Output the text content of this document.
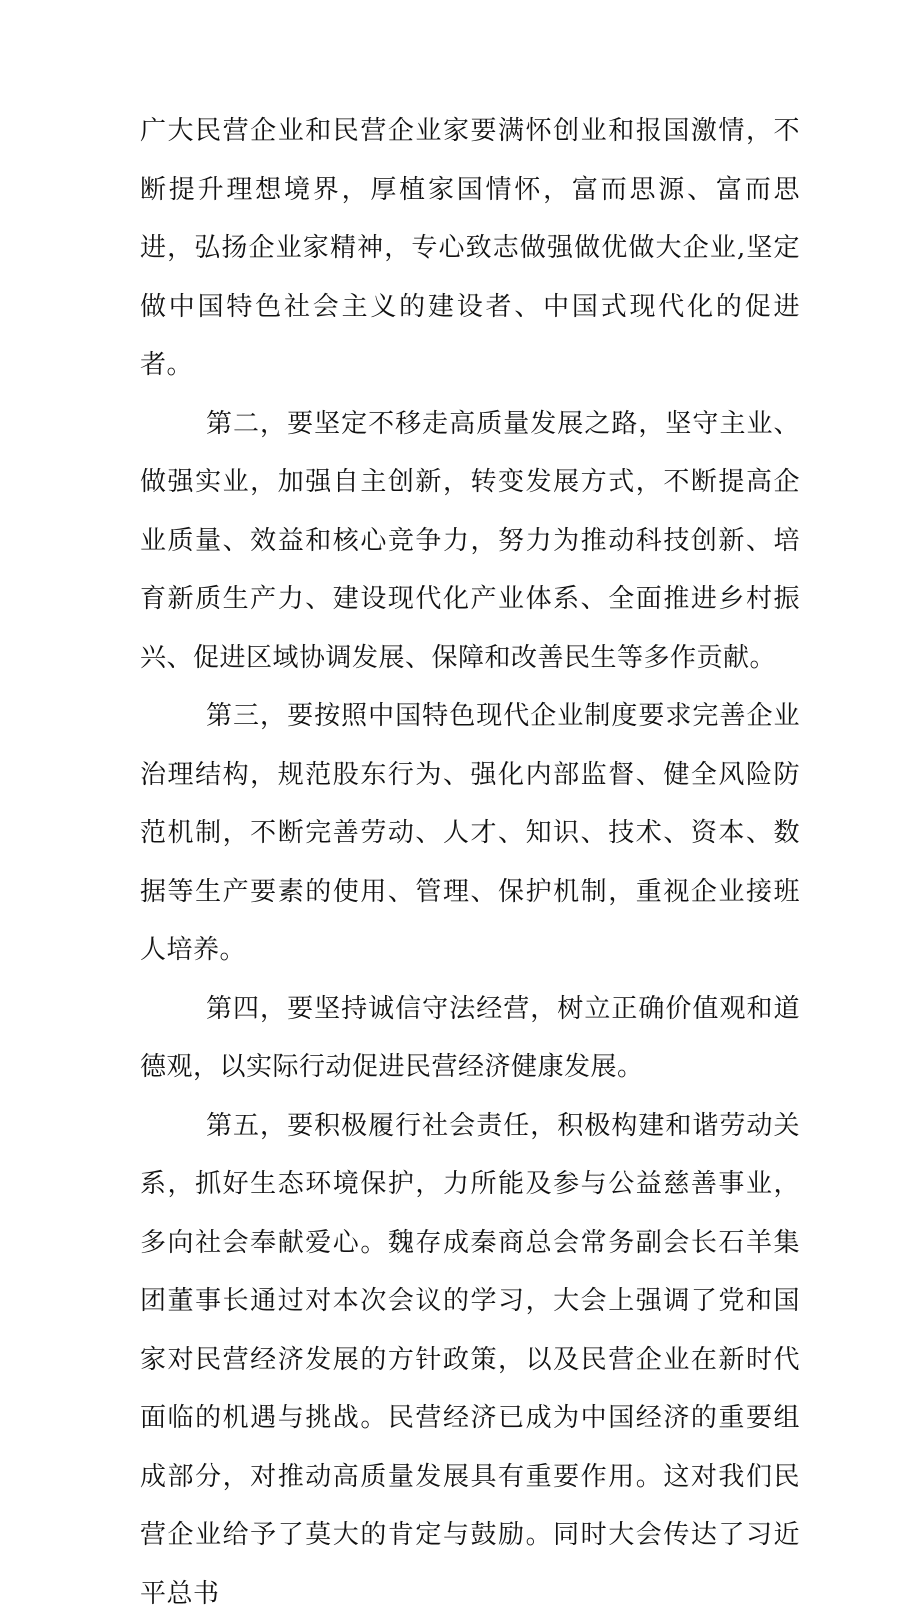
广大民营企业和民营企业家要满怀创业和报国激情，不断提升理想境界，厚植家国情怀，富而思源、富而思进，弘扬企业家精神，专心致志做强做优做大企业,坚定做中国特色社会主义的建设者、中国式现代化的促进者。

第二，要坚定不移走高质量发展之路，坚守主业、做强实业，加强自主创新，转变发展方式，不断提高企业质量、效益和核心竞争力，努力为推动科技创新、培育新质生产力、建设现代化产业体系、全面推进乡村振兴、促进区域协调发展、保障和改善民生等多作贡献。

第三，要按照中国特色现代企业制度要求完善企业治理结构，规范股东行为、强化内部监督、健全风险防范机制，不断完善劳动、人才、知识、技术、资本、数据等生产要素的使用、管理、保护机制，重视企业接班人培养。

第四，要坚持诚信守法经营，树立正确价值观和道德观，以实际行动促进民营经济健康发展。

第五，要积极履行社会责任，积极构建和谐劳动关系，抓好生态环境保护，力所能及参与公益慈善事业，多向社会奉献爱心。魏存成秦商总会常务副会长石羊集团董事长通过对本次会议的学习，大会上强调了党和国家对民营经济发展的方针政策，以及民营企业在新时代面临的机遇与挑战。民营经济已成为中国经济的重要组成部分，对推动高质量发展具有重要作用。这对我们民营企业给予了莫大的肯定与鼓励。同时大会传达了习近平总书
